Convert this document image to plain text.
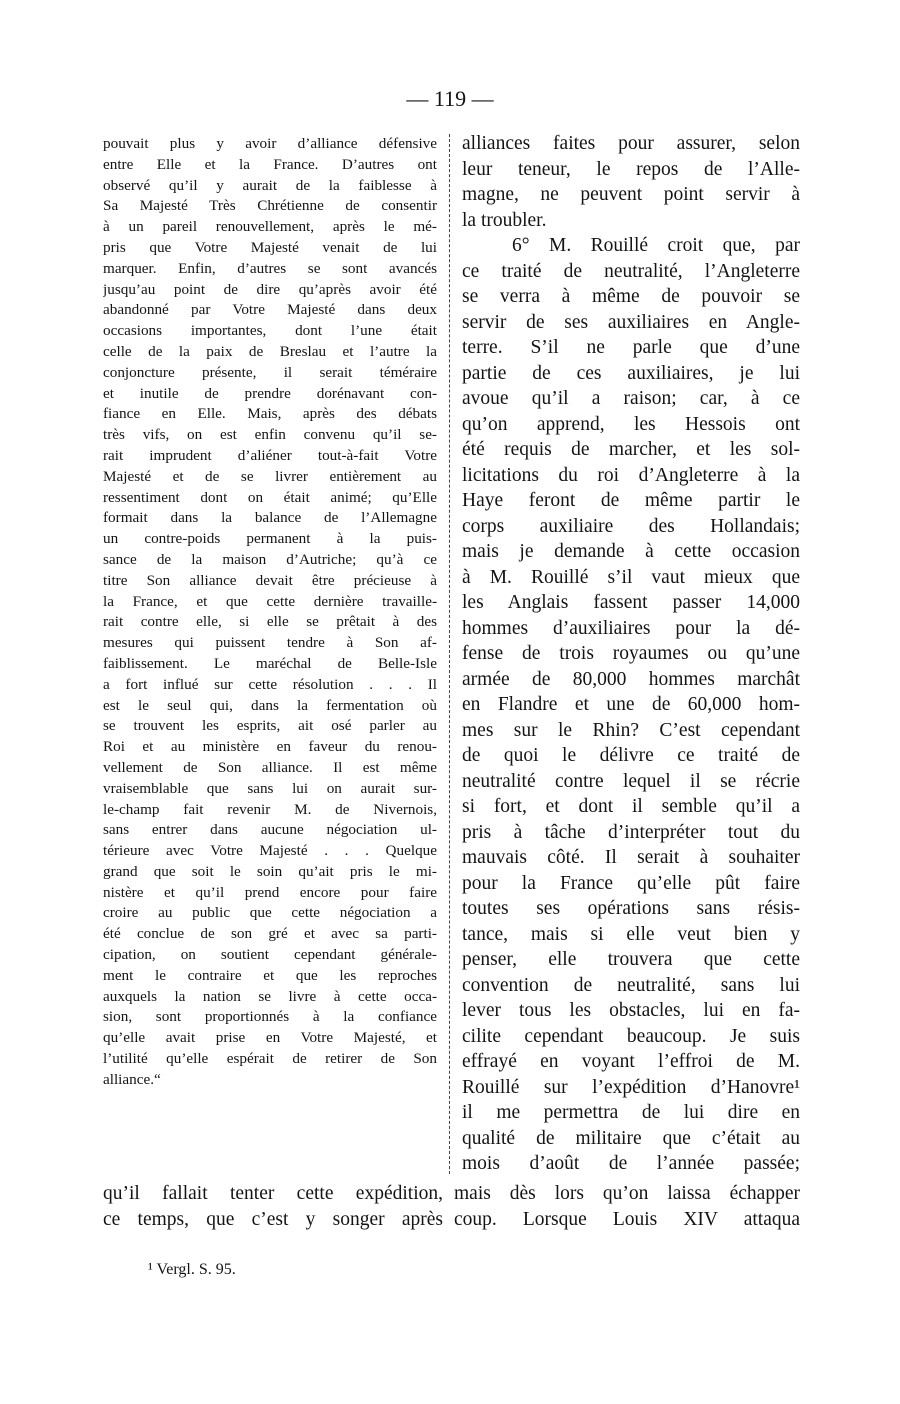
— 119 —
pouvait plus y avoir d’alliance défensive
entre Elle et la France. D’autres ont
observé qu’il y aurait de la faiblesse à
Sa Majesté Très Chrétienne de consentir
à un pareil renouvellement, après le mé-
pris que Votre Majesté venait de lui
marquer. Enfin, d’autres se sont avancés
jusqu’au point de dire qu’après avoir été
abandonné par Votre Majesté dans deux
occasions importantes, dont l’une était
celle de la paix de Breslau et l’autre la
conjoncture présente, il serait téméraire
et inutile de prendre dorénavant con-
fiance en Elle. Mais, après des débats
très vifs, on est enfin convenu qu’il se-
rait imprudent d’aliéner tout-à-fait Votre
Majesté et de se livrer entièrement au
ressentiment dont on était animé; qu’Elle
formait dans la balance de l’Allemagne
un contre-poids permanent à la puis-
sance de la maison d’Autriche; qu’à ce
titre Son alliance devait être précieuse à
la France, et que cette dernière travaille-
rait contre elle, si elle se prêtait à des
mesures qui puissent tendre à Son af-
faiblissement. Le maréchal de Belle-Isle
a fort influé sur cette résolution . . . Il
est le seul qui, dans la fermentation où
se trouvent les esprits, ait osé parler au
Roi et au ministère en faveur du renou-
vellement de Son alliance. Il est même
vraisemblable que sans lui on aurait sur-
le-champ fait revenir M. de Nivernois,
sans entrer dans aucune négociation ul-
térieure avec Votre Majesté . . . Quelque
grand que soit le soin qu’ait pris le mi-
nistère et qu’il prend encore pour faire
croire au public que cette négociation a
été conclue de son gré et avec sa parti-
cipation, on soutient cependant générale-
ment le contraire et que les reproches
auxquels la nation se livre à cette occa-
sion, sont proportionnés à la confiance
qu’elle avait prise en Votre Majesté, et
l’utilité qu’elle espérait de retirer de Son
alliance.“
alliances faites pour assurer, selon
leur teneur, le repos de l’Alle-
magne, ne peuvent point servir à
la troubler.
6° M. Rouillé croit que, par
ce traité de neutralité, l’Angleterre
se verra à même de pouvoir se
servir de ses auxiliaires en Angle-
terre. S’il ne parle que d’une
partie de ces auxiliaires, je lui
avoue qu’il a raison; car, à ce
qu’on apprend, les Hessois ont
été requis de marcher, et les sol-
licitations du roi d’Angleterre à la
Haye feront de même partir le
corps auxiliaire des Hollandais;
mais je demande à cette occasion
à M. Rouillé s’il vaut mieux que
les Anglais fassent passer 14,000
hommes d’auxiliaires pour la dé-
fense de trois royaumes ou qu’une
armée de 80,000 hommes marchât
en Flandre et une de 60,000 hom-
mes sur le Rhin? C’est cependant
de quoi le délivre ce traité de
neutralité contre lequel il se récrie
si fort, et dont il semble qu’il a
pris à tâche d’interpréter tout du
mauvais côté. Il serait à souhaiter
pour la France qu’elle pût faire
toutes ses opérations sans résis-
tance, mais si elle veut bien y
penser, elle trouvera que cette
convention de neutralité, sans lui
lever tous les obstacles, lui en fa-
cilite cependant beaucoup. Je suis
effrayé en voyant l’effroi de M.
Rouillé sur l’expédition d’Hanovre¹
il me permettra de lui dire en
qualité de militaire que c’était au
mois d’août de l’année passée;
qu’il fallait tenter cette expédition, mais dès lors qu’on laissa échapper
ce temps, que c’est y songer après coup. Lorsque Louis XIV attaqua
¹ Vergl. S. 95.
